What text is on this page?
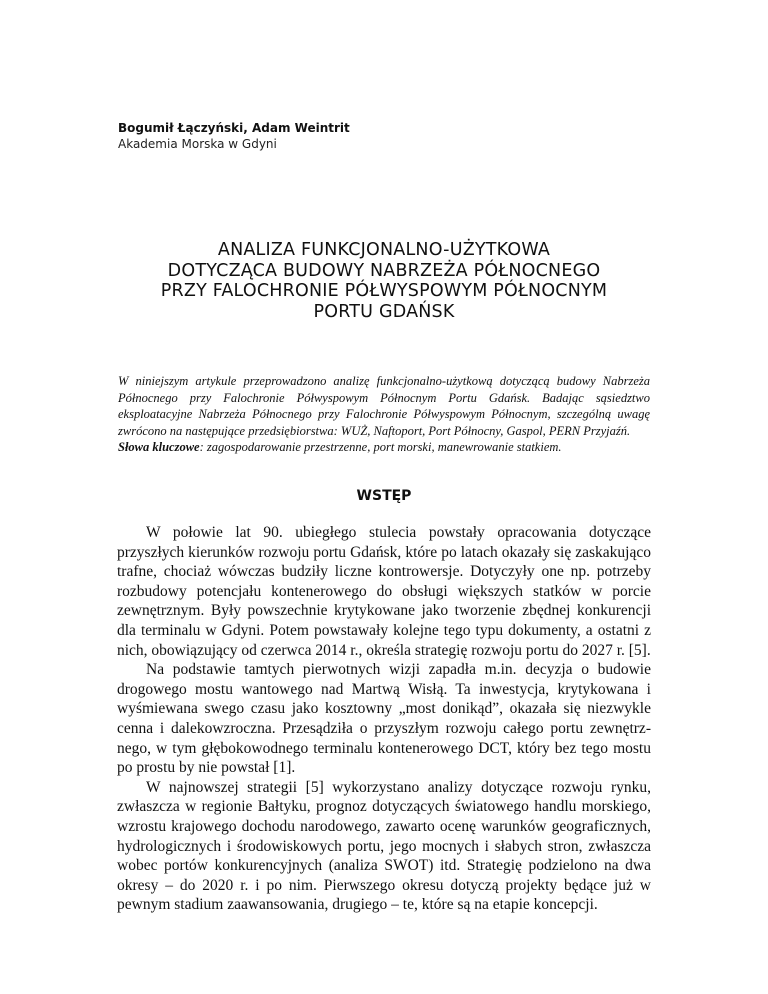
Bogumił Łączyński, Adam Weintrit
Akademia Morska w Gdyni
ANALIZA FUNKCJONALNO-UŻYTKOWA
DOTYCZĄCA BUDOWY NABRZEŻA PÓŁNOCNEGO
PRZY FALOCHRONIE PÓŁWYSPOWYM PÓŁNOCNYM
PORTU GDAŃSK
W niniejszym artykule przeprowadzono analizę funkcjonalno-użytkową dotyczącą budowy Nabrzeża Północnego przy Falochronie Półwyspowym Północnym Portu Gdańsk. Badając sąsiedztwo eksploatacyjne Nabrzeża Północnego przy Falochronie Półwyspowym Północnym, szczególną uwagę zwrócono na następujące przedsiębiorstwa: WUŻ, Naftoport, Port Północny, Gaspol, PERN Przyjaźń.
Słowa kluczowe: zagospodarowanie przestrzenne, port morski, manewrowanie statkiem.
WSTĘP

W połowie lat 90. ubiegłego stulecia powstały opracowania dotyczące przyszłych kierunków rozwoju portu Gdańsk, które po latach okazały się zaskakująco trafne, chociaż wówczas budziły liczne kontrowersje. Dotyczyły one np. potrzeby rozbudowy potencjału kontenerowego do obsługi większych statków w porcie zewnętrznym. Były powszechnie krytykowane jako tworzenie zbędnej konkurencji dla terminalu w Gdyni. Potem powstawały kolejne tego typu dokumenty, a ostatni z nich, obowiązujący od czerwca 2014 r., określa strategię rozwoju portu do 2027 r. [5].

Na podstawie tamtych pierwotnych wizji zapadła m.in. decyzja o budowie drogowego mostu wantowego nad Martwą Wisłą. Ta inwestycja, krytykowana i wyśmiewana swego czasu jako kosztowny „most donikąd”, okazała się niezwykle cenna i dalekowzroczna. Przesądziła o przyszłym rozwoju całego portu zewnętrznego, w tym głębokowodnego terminalu kontenerowego DCT, który bez tego mostu po prostu by nie powstał [1].

W najnowszej strategii [5] wykorzystano analizy dotyczące rozwoju rynku, zwłaszcza w regionie Bałtyku, prognoz dotyczących światowego handlu morskiego, wzrostu krajowego dochodu narodowego, zawarto ocenę warunków geograficznych, hydrologicznych i środowiskowych portu, jego mocnych i słabych stron, zwłaszcza wobec portów konkurencyjnych (analiza SWOT) itd. Strategię podzielono na dwa okresy – do 2020 r. i po nim. Pierwszego okresu dotyczą projekty będące już w pewnym stadium zaawansowania, drugiego – te, które są na etapie koncepcji.
